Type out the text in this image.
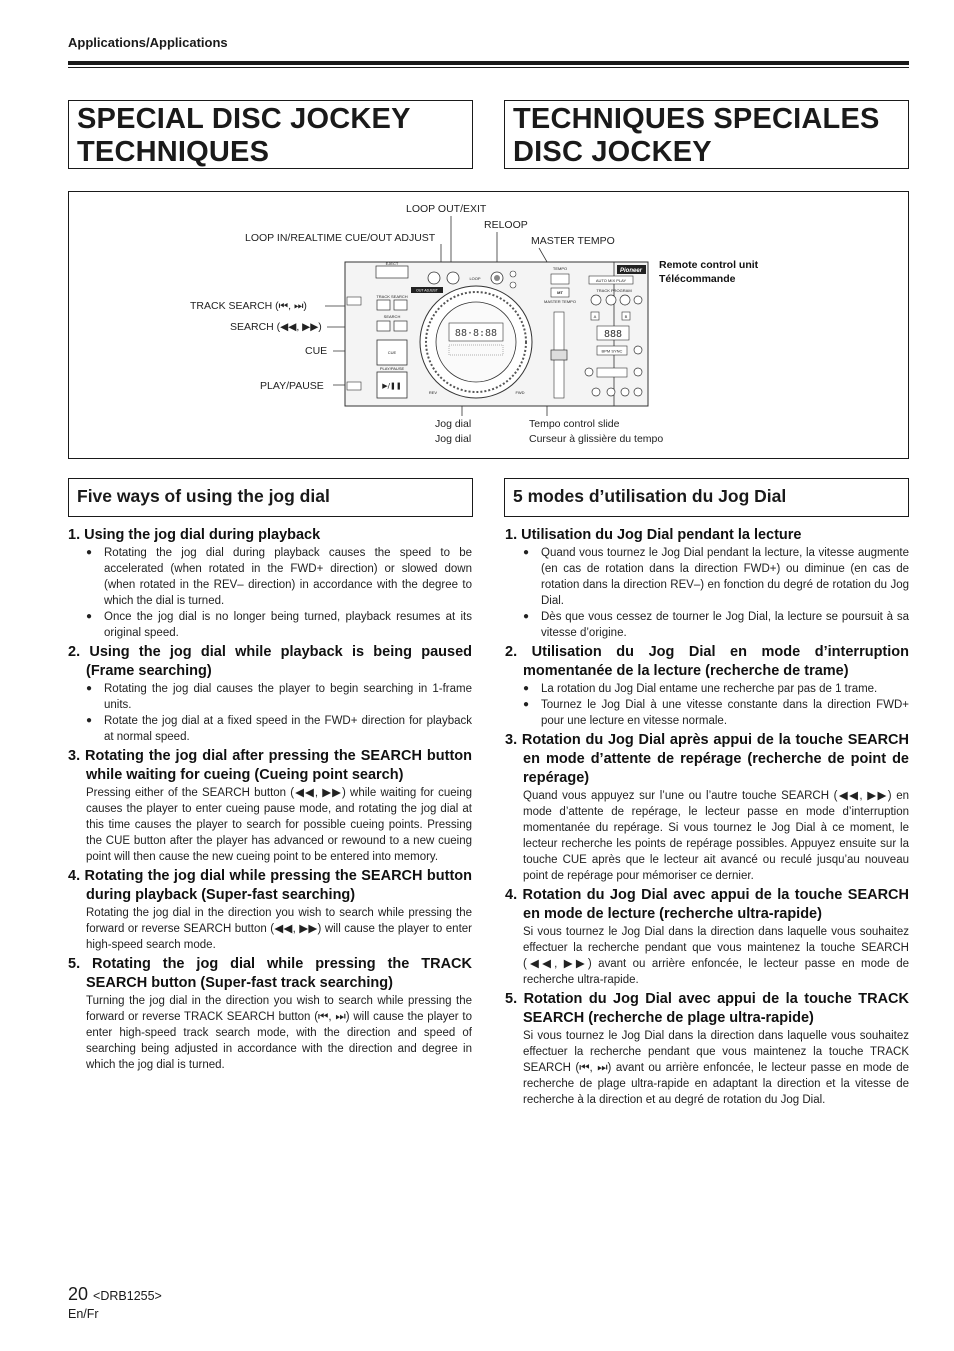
Applications/Applications
SPECIAL DISC JOCKEY
TECHNIQUES
TECHNIQUES SPECIALES
DISC JOCKEY
LOOP OUT/EXIT
RELOOP
LOOP IN/REALTIME CUE/OUT ADJUST	MASTER TEMPO
TRACK SEARCH (⏮, ⏭)
SEARCH (◀◀, ▶▶)
CUE
PLAY/PAUSE
Jog dial
Jog dial
Tempo control slide
Curseur à glissière du tempo
Remote control unit
Télécommande
EJECT
LOOP
OUT ADJUST
TRACK SEARCH
SEARCH
CUE
PLAY/PAUSE
▶/❚❚
88·8:88
REV	FWD
TEMPO
MT
MASTER TEMPO
Pioneer
AUTO MIX PLAY
TRACK PROGRAM
A	B
888
BPM SYNC
Five ways of using the jog dial	5 modes d’utilisation du Jog Dial
1. Using the jog dial during playback
● Rotating the jog dial during playback causes the speed to be accelerated (when rotated in the FWD+ direction) or slowed down (when rotated in the REV– direction) in accordance with the degree to which the dial is turned.
● Once the jog dial is no longer being turned, playback resumes at its original speed.
2. Using the jog dial while playback is being paused (Frame searching)
● Rotating the jog dial causes the player to begin searching in 1-frame units.
● Rotate the jog dial at a fixed speed in the FWD+ direction for playback at normal speed.
3. Rotating the jog dial after pressing the SEARCH button while waiting for cueing (Cueing point search)

Pressing either of the SEARCH button (◀◀, ▶▶) while waiting for cueing causes the player to enter cueing pause mode, and rotating the jog dial at this time causes the player to search for possible cueing points. Pressing the CUE button after the player has advanced or rewound to a new cueing point will then cause the new cueing point to be entered into memory.

4. Rotating the jog dial while pressing the SEARCH button during playback (Super-fast searching)

Rotating the jog dial in the direction you wish to search while pressing the forward or reverse SEARCH button (◀◀, ▶▶) will cause the player to enter high-speed search mode.

5. Rotating the jog dial while pressing the TRACK SEARCH button (Super-fast track searching)

Turning the jog dial in the direction you wish to search while pressing the forward or reverse TRACK SEARCH button (⏮, ⏭) will cause the player to enter high-speed track search mode, with the direction and speed of searching being adjusted in accordance with the direction and degree in which the jog dial is turned.

1. Utilisation du Jog Dial pendant la lecture
● Quand vous tournez le Jog Dial pendant la lecture, la vitesse augmente (en cas de rotation dans la direction FWD+) ou diminue (en cas de rotation dans la direction REV–) en fonction du degré de rotation du Jog Dial.
● Dès que vous cessez de tourner le Jog Dial, la lecture se poursuit à sa vitesse d’origine.
2. Utilisation du Jog Dial en mode d’interruption momentanée de la lecture (recherche de trame)
● La rotation du Jog Dial entame une recherche par pas de 1 trame.
● Tournez le Jog Dial à une vitesse constante dans la direction FWD+ pour une lecture en vitesse normale.
3. Rotation du Jog Dial après appui de la touche SEARCH en mode d’attente de repérage (recherche de point de repérage)

Quand vous appuyez sur l’une ou l’autre touche SEARCH (◀◀, ▶▶) en mode d’attente de repérage, le lecteur passe en mode d’interruption momentanée du repérage. Si vous tournez le Jog Dial à ce moment, le lecteur recherche les points de repérage possibles. Appuyez ensuite sur la touche CUE après que le lecteur ait avancé ou reculé jusqu’au nouveau point de repérage pour mémoriser ce dernier.

4. Rotation du Jog Dial avec appui de la touche SEARCH en mode de lecture (recherche ultra-rapide)

Si vous tournez le Jog Dial dans la direction dans laquelle vous souhaitez effectuer la recherche pendant que vous maintenez la touche SEARCH (◀◀, ▶▶) avant ou arrière enfoncée, le lecteur passe en mode de recherche ultra-rapide.

5. Rotation du Jog Dial avec appui de la touche TRACK SEARCH (recherche de plage ultra-rapide)

Si vous tournez le Jog Dial dans la direction dans laquelle vous souhaitez effectuer la recherche pendant que vous maintenez la touche TRACK SEARCH (⏮, ⏭) avant ou arrière enfoncée, le lecteur passe en mode de recherche de plage ultra-rapide en adaptant la direction et la vitesse de recherche à la direction et au degré de rotation du Jog Dial.

20 <DRB1255>
En/Fr
